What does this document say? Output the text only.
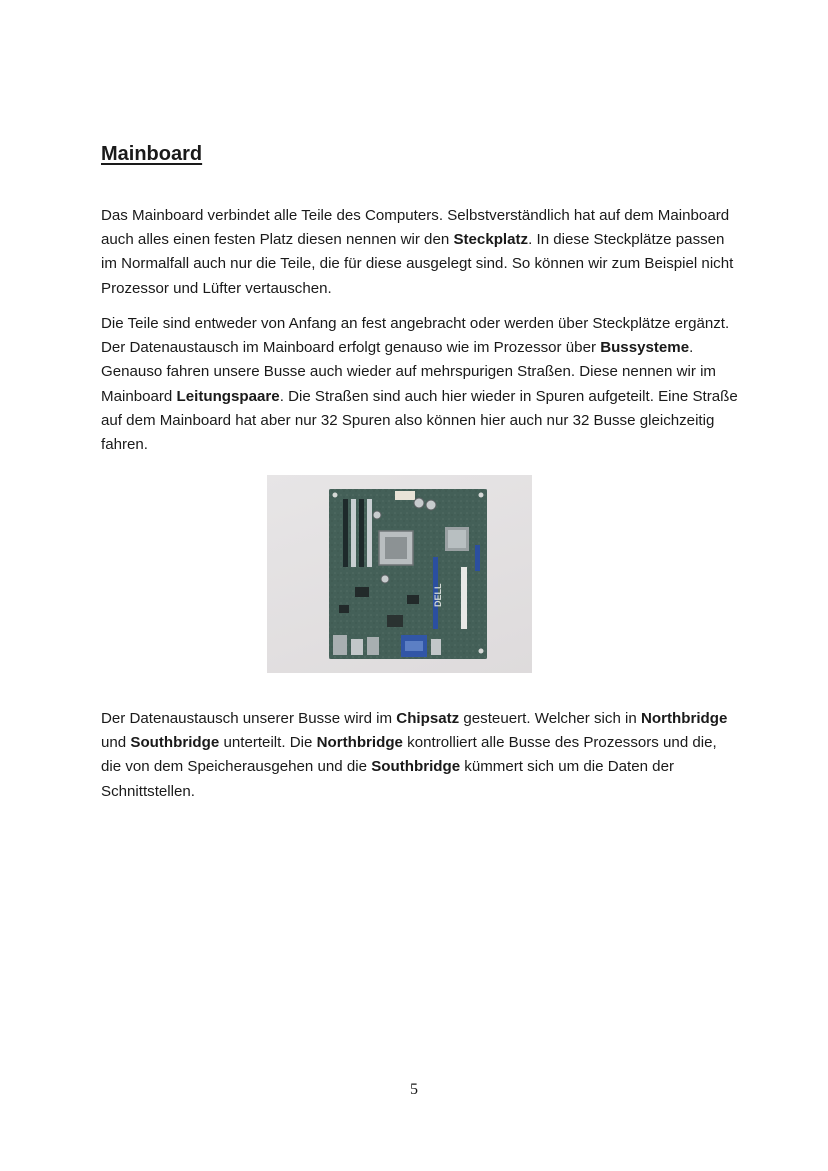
Mainboard

Das Mainboard verbindet alle Teile des Computers. Selbstverständlich hat auf dem Mainboard auch alles einen festen Platz diesen nennen wir den Steckplatz. In diese Steckplätze passen im Normalfall auch nur die Teile, die für diese ausgelegt sind. So können wir zum Beispiel nicht Prozessor und Lüfter vertauschen.

Die Teile sind entweder von Anfang an fest angebracht oder werden über Steckplätze ergänzt. Der Datenaustausch im Mainboard erfolgt genauso wie im Prozessor über Bussysteme. Genauso fahren unsere Busse auch wieder auf mehrspurigen Straßen. Diese nennen wir im Mainboard Leitungspaare. Die Straßen sind auch hier wieder in Spuren aufgeteilt. Eine Straße auf dem Mainboard hat aber nur 32 Spuren also können hier auch nur 32 Busse gleichzeitig fahren.

DELL

Der Datenaustausch unserer Busse wird im Chipsatz gesteuert. Welcher sich in Northbridge und Southbridge unterteilt. Die Northbridge kontrolliert alle Busse des Prozessors und die, die von dem Speicherausgehen und die Southbridge kümmert sich um die Daten der Schnittstellen.

5
